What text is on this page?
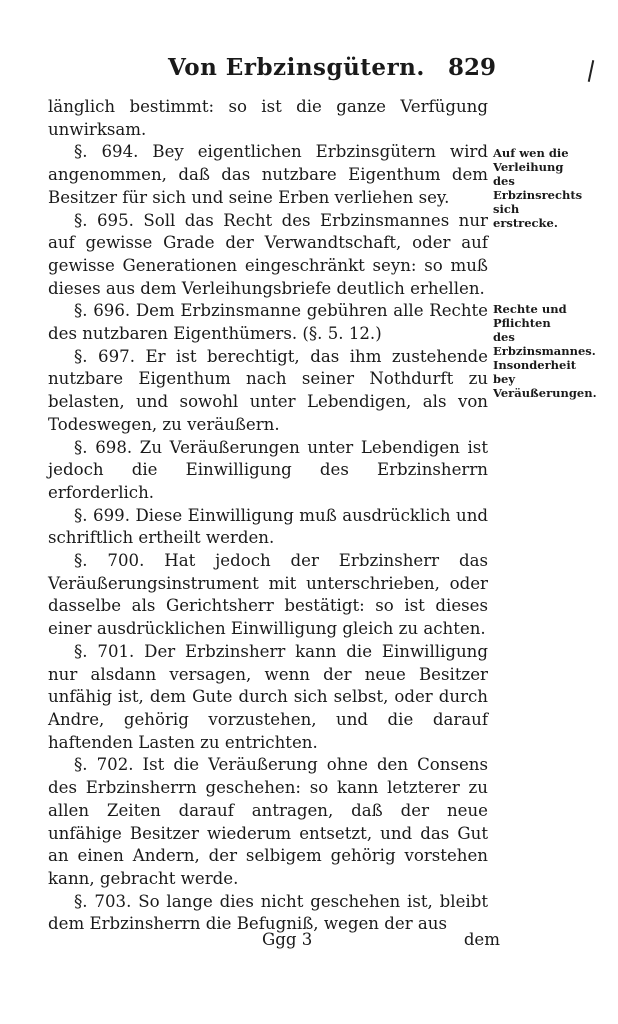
Von Erbzinsgütern. 829

länglich bestimmt: so ist die ganze Verfügung unwirksam.

§. 694. Bey eigentlichen Erbzinsgütern wird angenommen, daß das nutzbare Eigenthum dem Besitzer für sich und seine Erben verliehen sey.

§. 695. Soll das Recht des Erbzinsmannes nur auf gewisse Grade der Verwandtschaft, oder auf gewisse Generationen eingeschränkt seyn: so muß dieses aus dem Verleihungsbriefe deutlich erhellen.

§. 696. Dem Erbzinsmanne gebühren alle Rechte des nutzbaren Eigenthümers. (§. 5. 12.)

§. 697. Er ist berechtigt, das ihm zustehende nutzbare Eigenthum nach seiner Nothdurft zu belasten, und sowohl unter Lebendigen, als von Todeswegen, zu veräußern.

§. 698. Zu Veräußerungen unter Lebendigen ist jedoch die Einwilligung des Erbzinsherrn erforderlich.

§. 699. Diese Einwilligung muß ausdrücklich und schriftlich ertheilt werden.

§. 700. Hat jedoch der Erbzinsherr das Veräußerungsinstrument mit unterschrieben, oder dasselbe als Gerichtsherr bestätigt: so ist dieses einer ausdrücklichen Einwilligung gleich zu achten.

§. 701. Der Erbzinsherr kann die Einwilligung nur alsdann versagen, wenn der neue Besitzer unfähig ist, dem Gute durch sich selbst, oder durch Andre, gehörig vorzustehen, und die darauf haftenden Lasten zu entrichten.

§. 702. Ist die Veräußerung ohne den Consens des Erbzinsherrn geschehen: so kann letzterer zu allen Zeiten darauf antragen, daß der neue unfähige Besitzer wiederum entsetzt, und das Gut an einen Andern, der selbigem gehörig vorstehen kann, gebracht werde.

§. 703. So lange dies nicht geschehen ist, bleibt dem Erbzinsherrn die Befugniß, wegen der aus

Auf wen die Verleihung des Erbzinsrechts sich erstrecke.
Rechte und Pflichten des Erbzinsmannes. Insonderheit bey Veräußerungen.
Ggg 3	dem
